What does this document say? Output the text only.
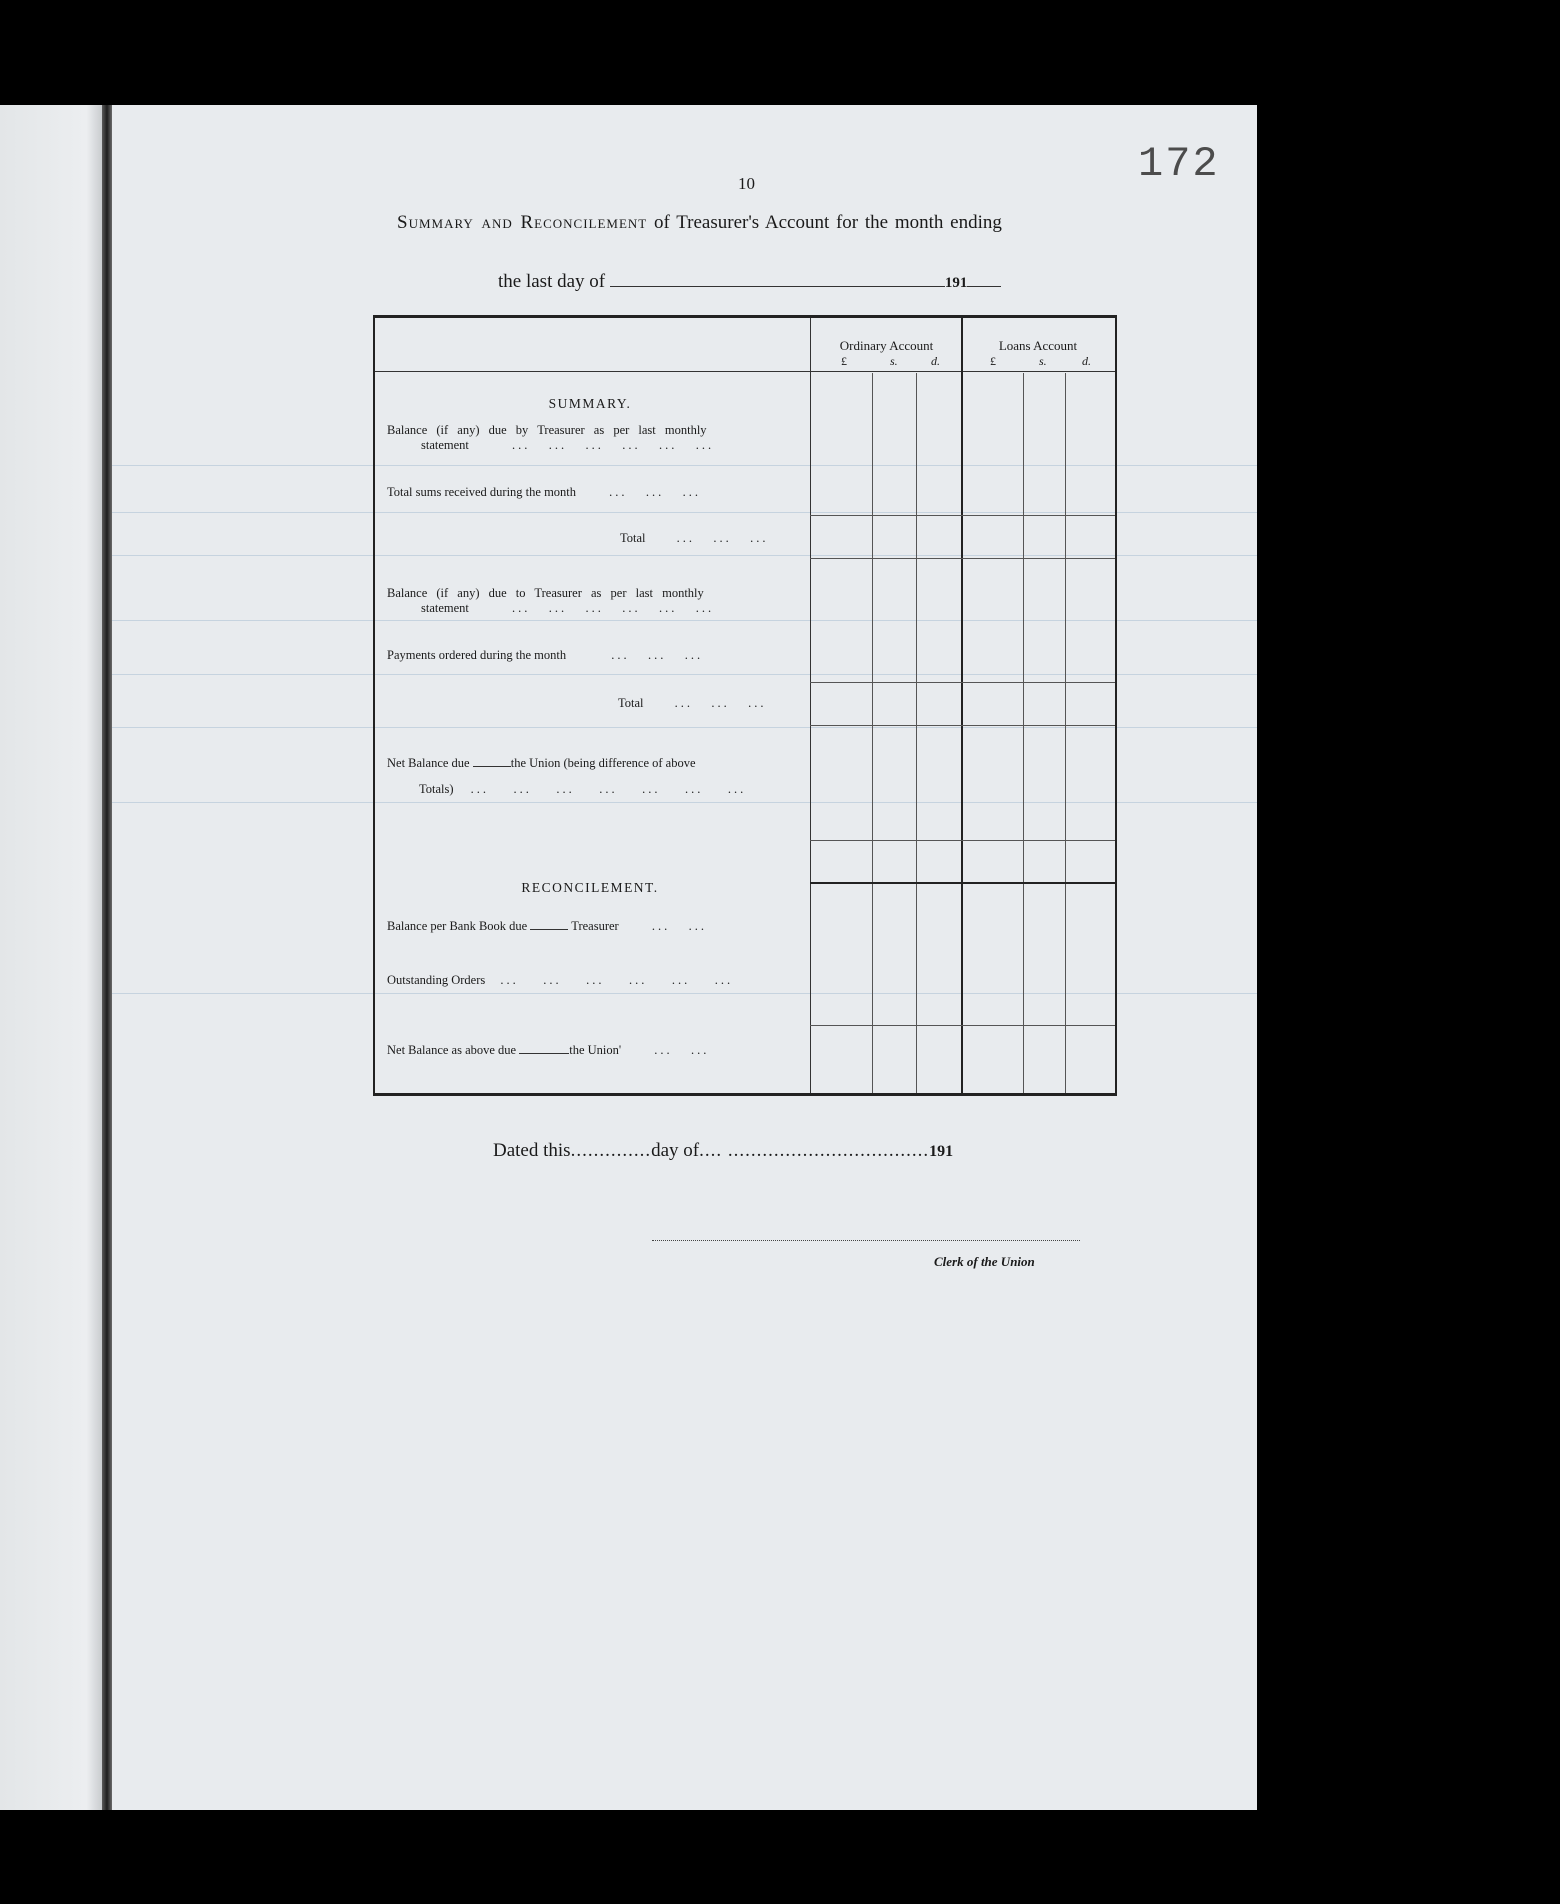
172
10
Summary and Reconcilement of Treasurer's Account for the month ending
the last day of	191
Ordinary Account	Loans Account
£	s.	d.	£	s.	d.
SUMMARY.
Balance (if any) due by Treasurer as per last monthly
statement	...   ...   ...   ...   ...   ...
Total sums received during the month	...   ...   ...
Total ...   ...   ...
Balance (if any) due to Treasurer as per last monthly
statement	...   ...   ...   ...   ...   ...
Payments ordered during the month	...   ...   ...
Total ...   ...   ...
Net Balance due	the Union (being difference of above
Totals) ...    ...    ...    ...    ...    ...    ...
RECONCILEMENT.
Balance per Bank Book due	Treasurer	...   ...
Outstanding Orders ...    ...    ...    ...    ...    ...
Net Balance as above due	the Union'	...   ...
Dated this..............day of.... ...................................191
Clerk of the Union
